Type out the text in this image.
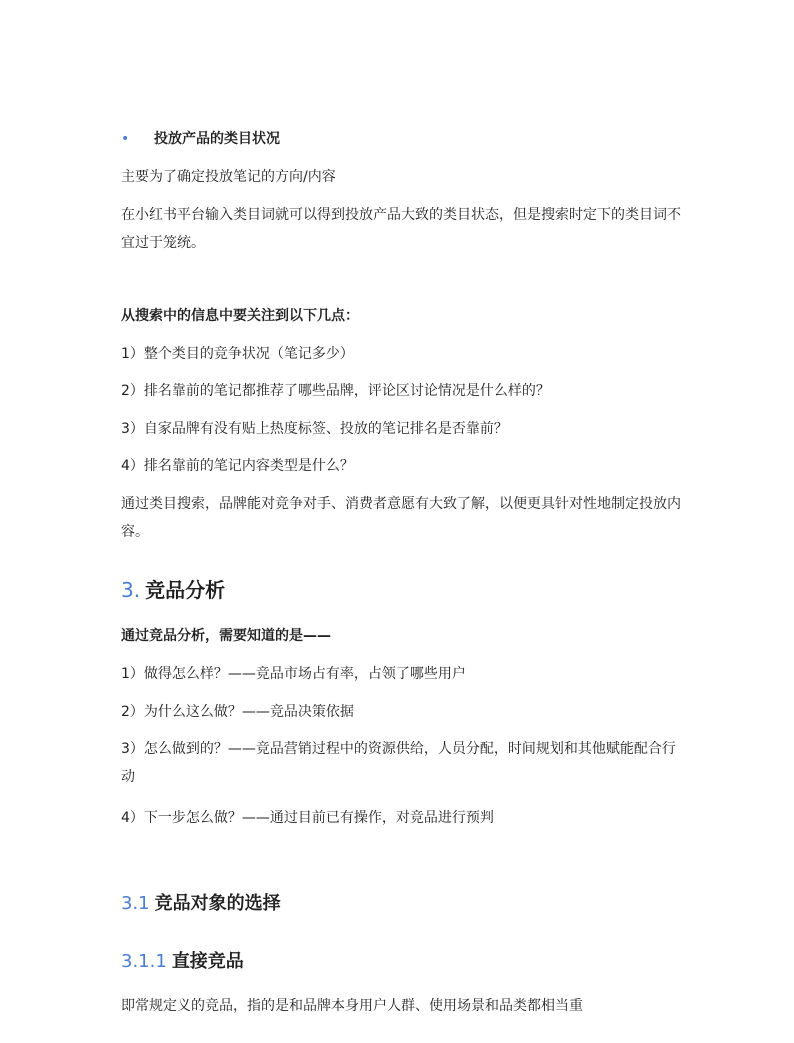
• 投放产品的类目状况

主要为了确定投放笔记的方向/内容

在小红书平台输入类目词就可以得到投放产品大致的类目状态，但是搜索时定下的类目词不宜过于笼统。

从搜索中的信息中要关注到以下几点：

1）整个类目的竞争状况（笔记多少）

2）排名靠前的笔记都推荐了哪些品牌，评论区讨论情况是什么样的？

3）自家品牌有没有贴上热度标签、投放的笔记排名是否靠前？

4）排名靠前的笔记内容类型是什么？

通过类目搜索，品牌能对竞争对手、消费者意愿有大致了解，以便更具针对性地制定投放内容。

3. 竞品分析

通过竞品分析，需要知道的是——

1）做得怎么样？——竞品市场占有率，占领了哪些用户

2）为什么这么做？——竞品决策依据

3）怎么做到的？——竞品营销过程中的资源供给，人员分配，时间规划和其他赋能配合行动

4）下一步怎么做？——通过目前已有操作，对竞品进行预判

3.1 竞品对象的选择
3.1.1 直接竞品

即常规定义的竞品，指的是和品牌本身用户人群、使用场景和品类都相当重
